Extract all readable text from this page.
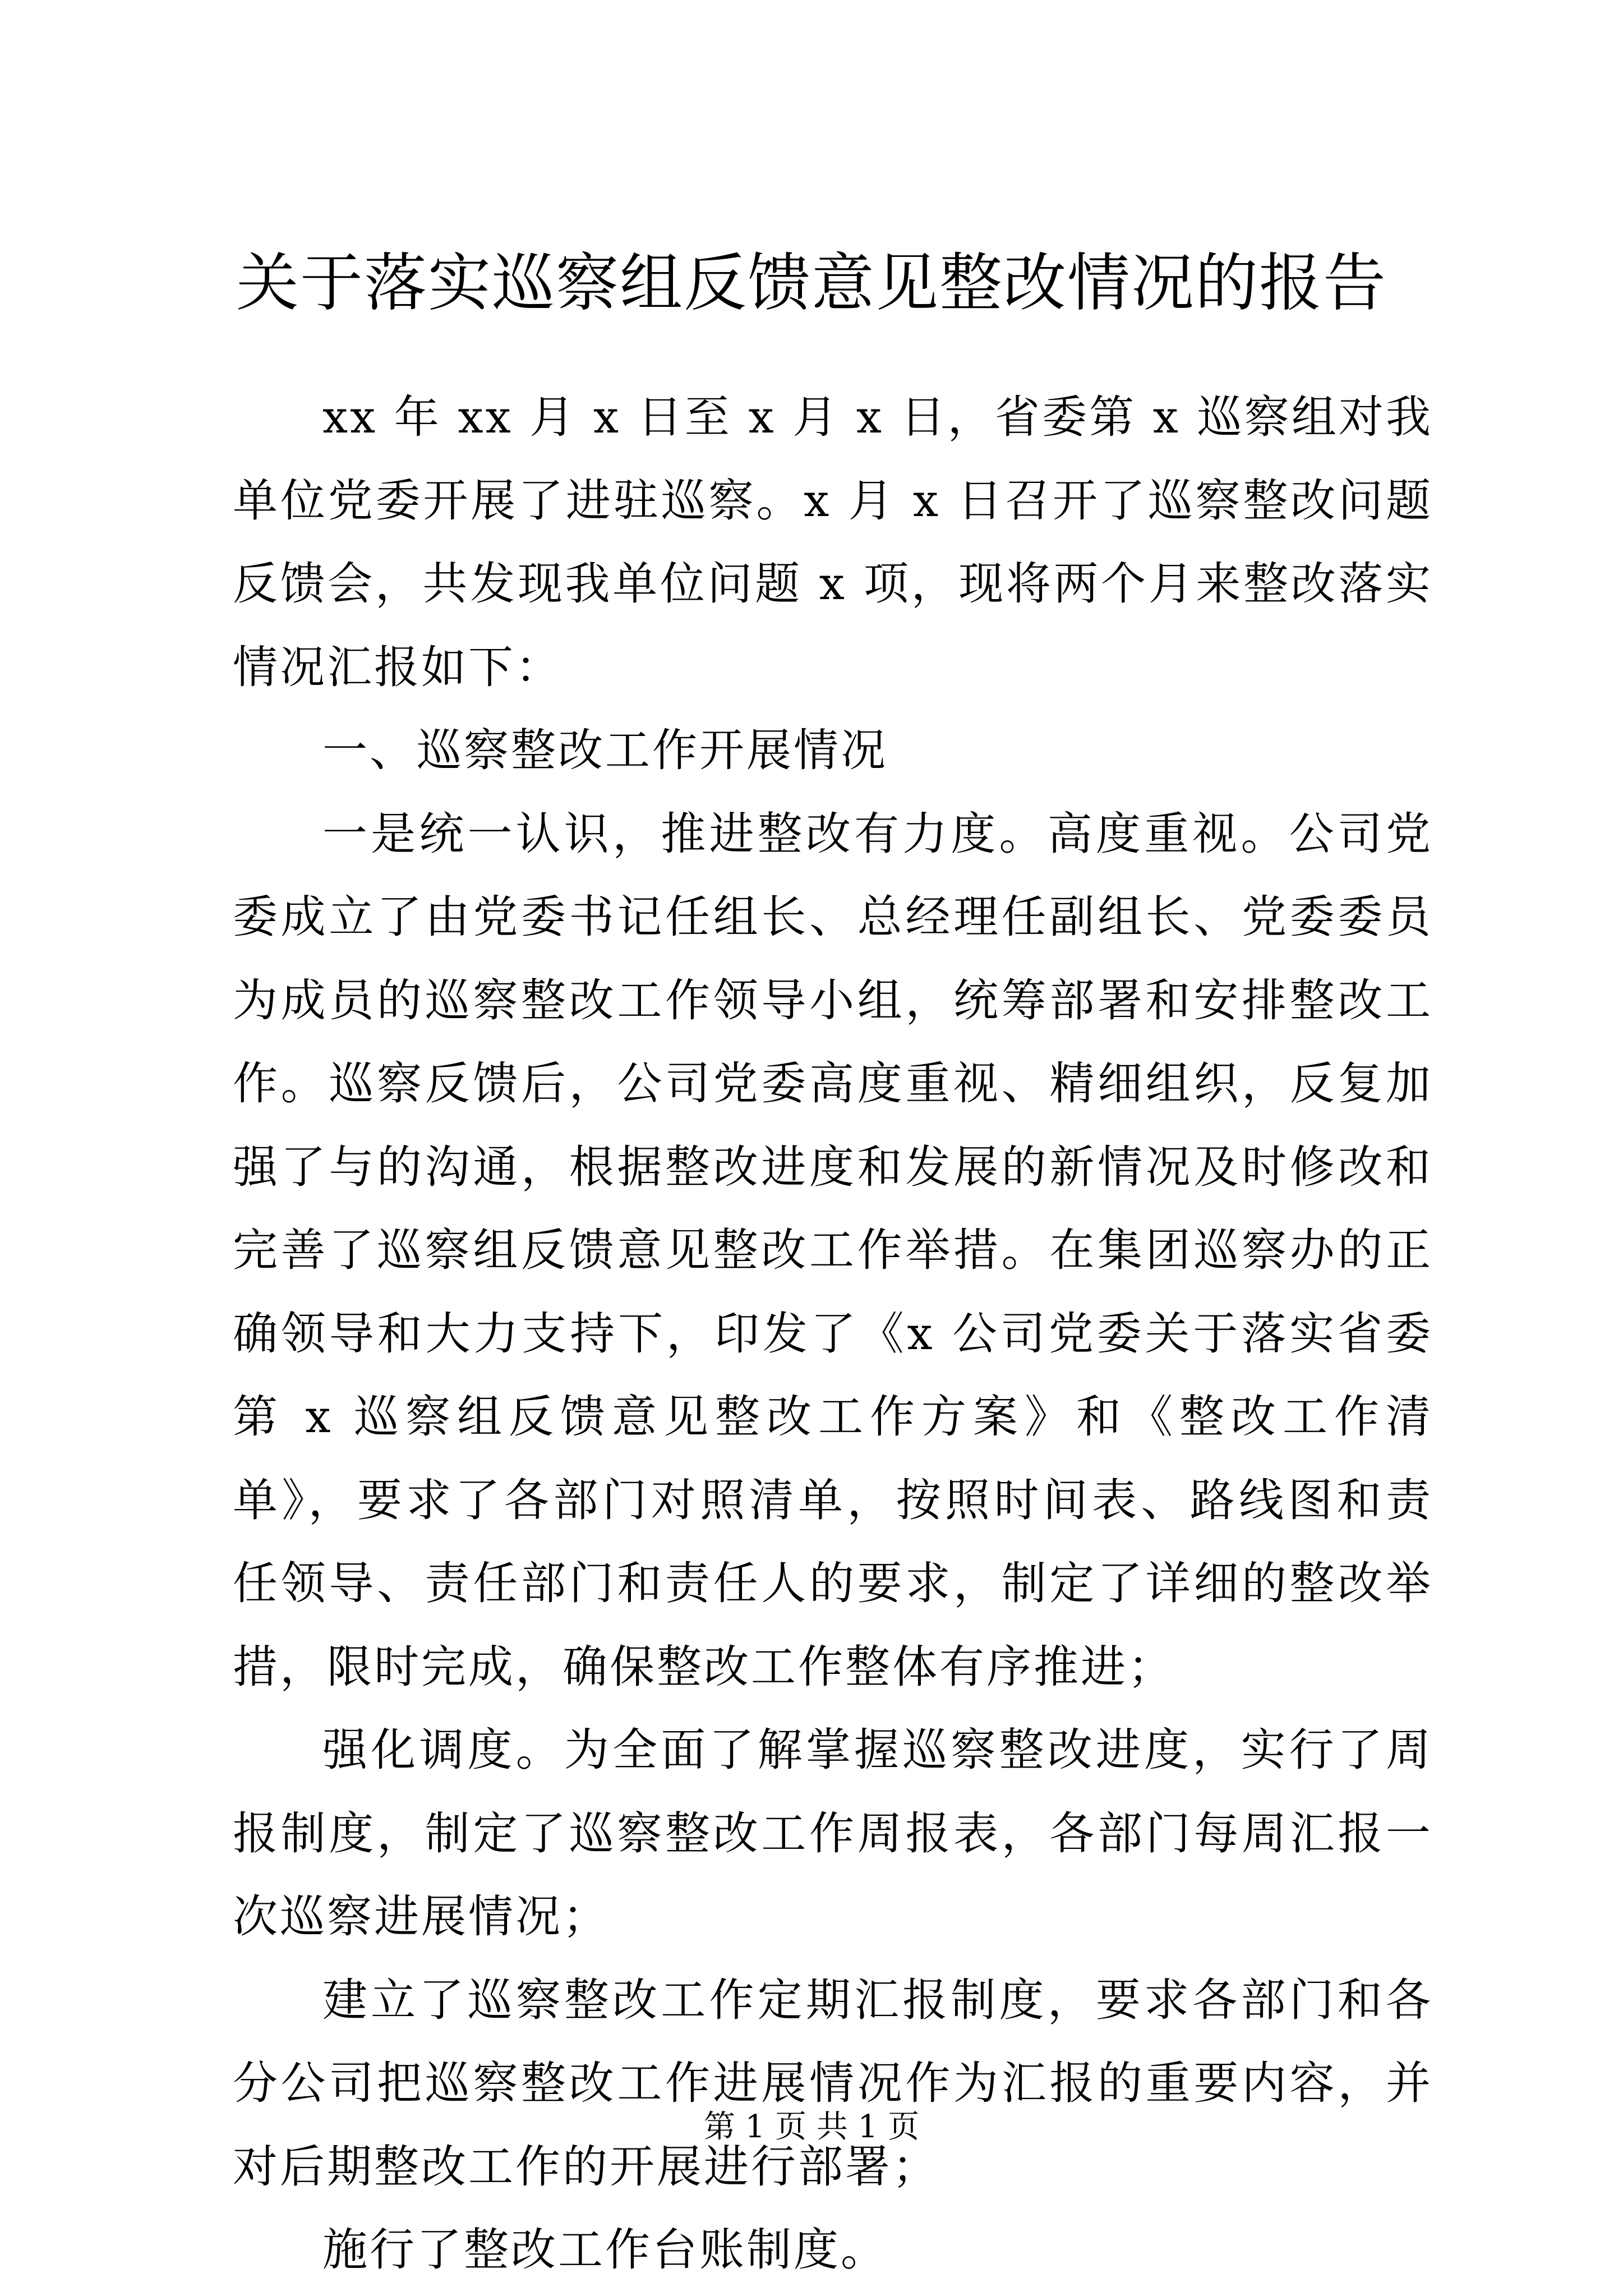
关于落实巡察组反馈意见整改情况的报告

xx 年 xx 月 x 日至 x 月 x 日，省委第 x 巡察组对我单位党委开展了进驻巡察。x 月 x 日召开了巡察整改问题反馈会，共发现我单位问题 x 项，现将两个月来整改落实情况汇报如下：

一、巡察整改工作开展情况

一是统一认识，推进整改有力度。高度重视。公司党委成立了由党委书记任组长、总经理任副组长、党委委员为成员的巡察整改工作领导小组，统筹部署和安排整改工作。巡察反馈后，公司党委高度重视、精细组织，反复加强了与的沟通，根据整改进度和发展的新情况及时修改和完善了巡察组反馈意见整改工作举措。在集团巡察办的正确领导和大力支持下，印发了《x 公司党委关于落实省委第 x 巡察组反馈意见整改工作方案》和《整改工作清单》，要求了各部门对照清单，按照时间表、路线图和责任领导、责任部门和责任人的要求，制定了详细的整改举措，限时完成，确保整改工作整体有序推进；

强化调度。为全面了解掌握巡察整改进度，实行了周报制度，制定了巡察整改工作周报表，各部门每周汇报一次巡察进展情况；

建立了巡察整改工作定期汇报制度，要求各部门和各分公司把巡察整改工作进展情况作为汇报的重要内容，并对后期整改工作的开展进行部署；

施行了整改工作台账制度。

第 1 页 共 1 页
